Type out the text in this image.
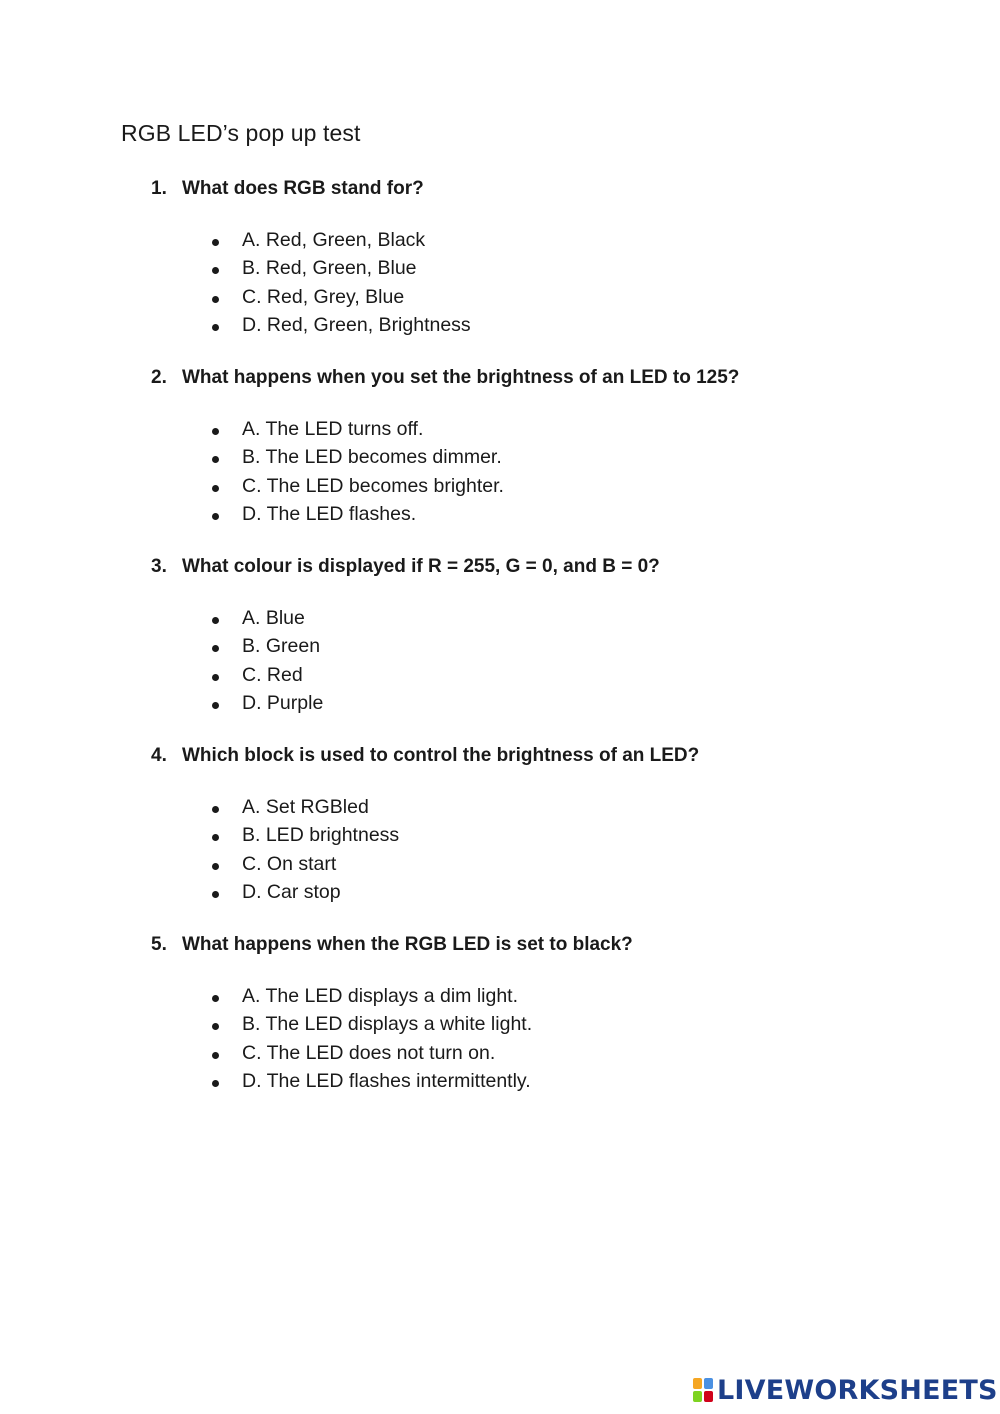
RGB LED’s pop up test
1. What does RGB stand for?
A. Red, Green, Black
B. Red, Green, Blue
C. Red, Grey, Blue
D. Red, Green, Brightness
2. What happens when you set the brightness of an LED to 125?
A. The LED turns off.
B. The LED becomes dimmer.
C. The LED becomes brighter.
D. The LED flashes.
3. What colour is displayed if R = 255, G = 0, and B = 0?
A. Blue
B. Green
C. Red
D. Purple
4. Which block is used to control the brightness of an LED?
A. Set RGBled
B. LED brightness
C. On start
D. Car stop
5. What happens when the RGB LED is set to black?
A. The LED displays a dim light.
B. The LED displays a white light.
C. The LED does not turn on.
D. The LED flashes intermittently.
LIVEWORKSHEETS
